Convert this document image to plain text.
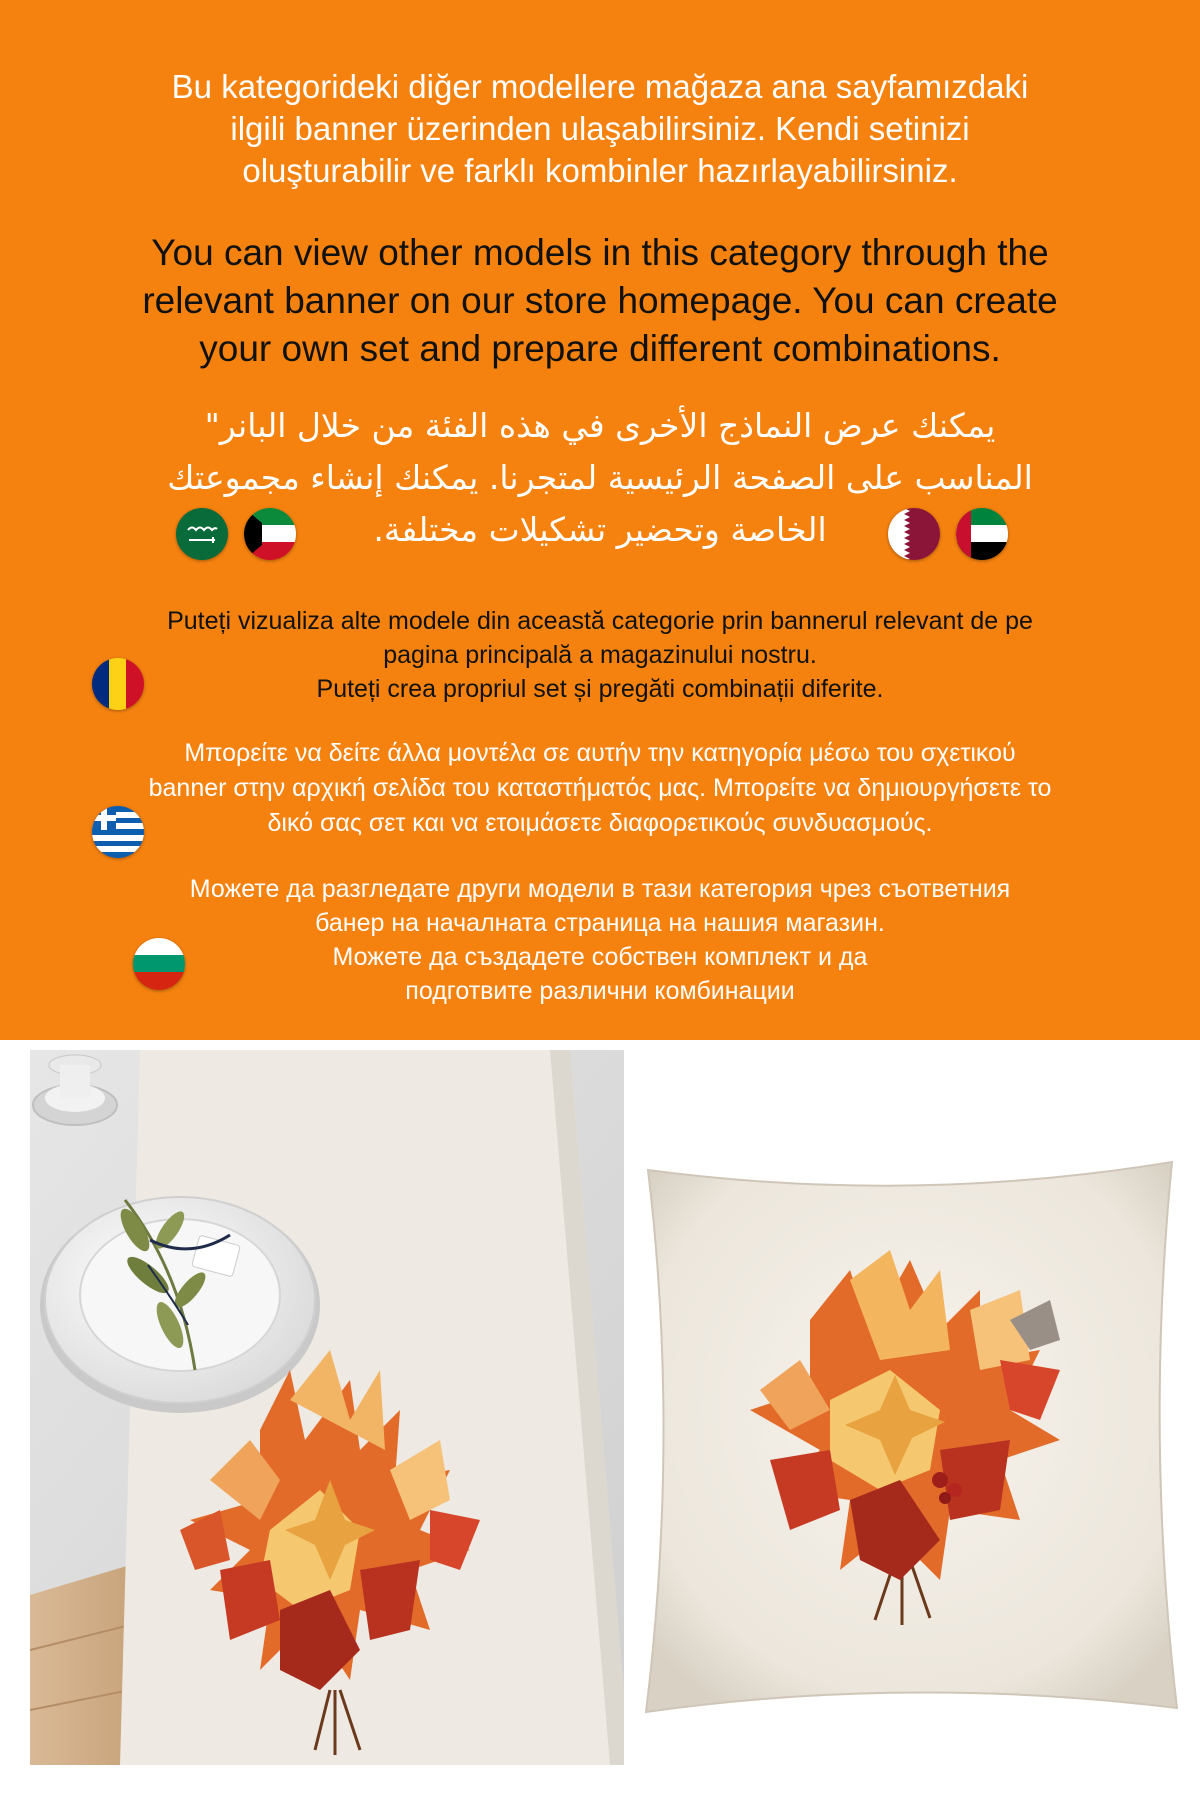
Bu kategorideki diğer modellere mağaza ana sayfamızdaki
ilgili banner üzerinden ulaşabilirsiniz. Kendi setinizi
oluşturabilir ve farklı kombinler hazırlayabilirsiniz.
You can view other models in this category through the
relevant banner on our store homepage. You can create
your own set and prepare different combinations.
يمكنك عرض النماذج الأخرى في هذه الفئة من خلال البانر"
المناسب على الصفحة الرئيسية لمتجرنا. يمكنك إنشاء مجموعتك
الخاصة وتحضير تشكيلات مختلفة.
Puteți vizualiza alte modele din această categorie prin bannerul relevant de pe
pagina principală a magazinului nostru.
Puteți crea propriul set și pregăti combinații diferite.
Μπορείτε να δείτε άλλα μοντέλα σε αυτήν την κατηγορία μέσω του σχετικού
banner στην αρχική σελίδα του καταστήματός μας. Μπορείτε να δημιουργήσετε το
δικό σας σετ και να ετοιμάσετε διαφορετικούς συνδυασμούς.
Можете да разгледате други модели в тази категория чрез съответния
банер на началната страница на нашия магазин.
Можете да създадете собствен комплект и да
подготвите различни комбинации
